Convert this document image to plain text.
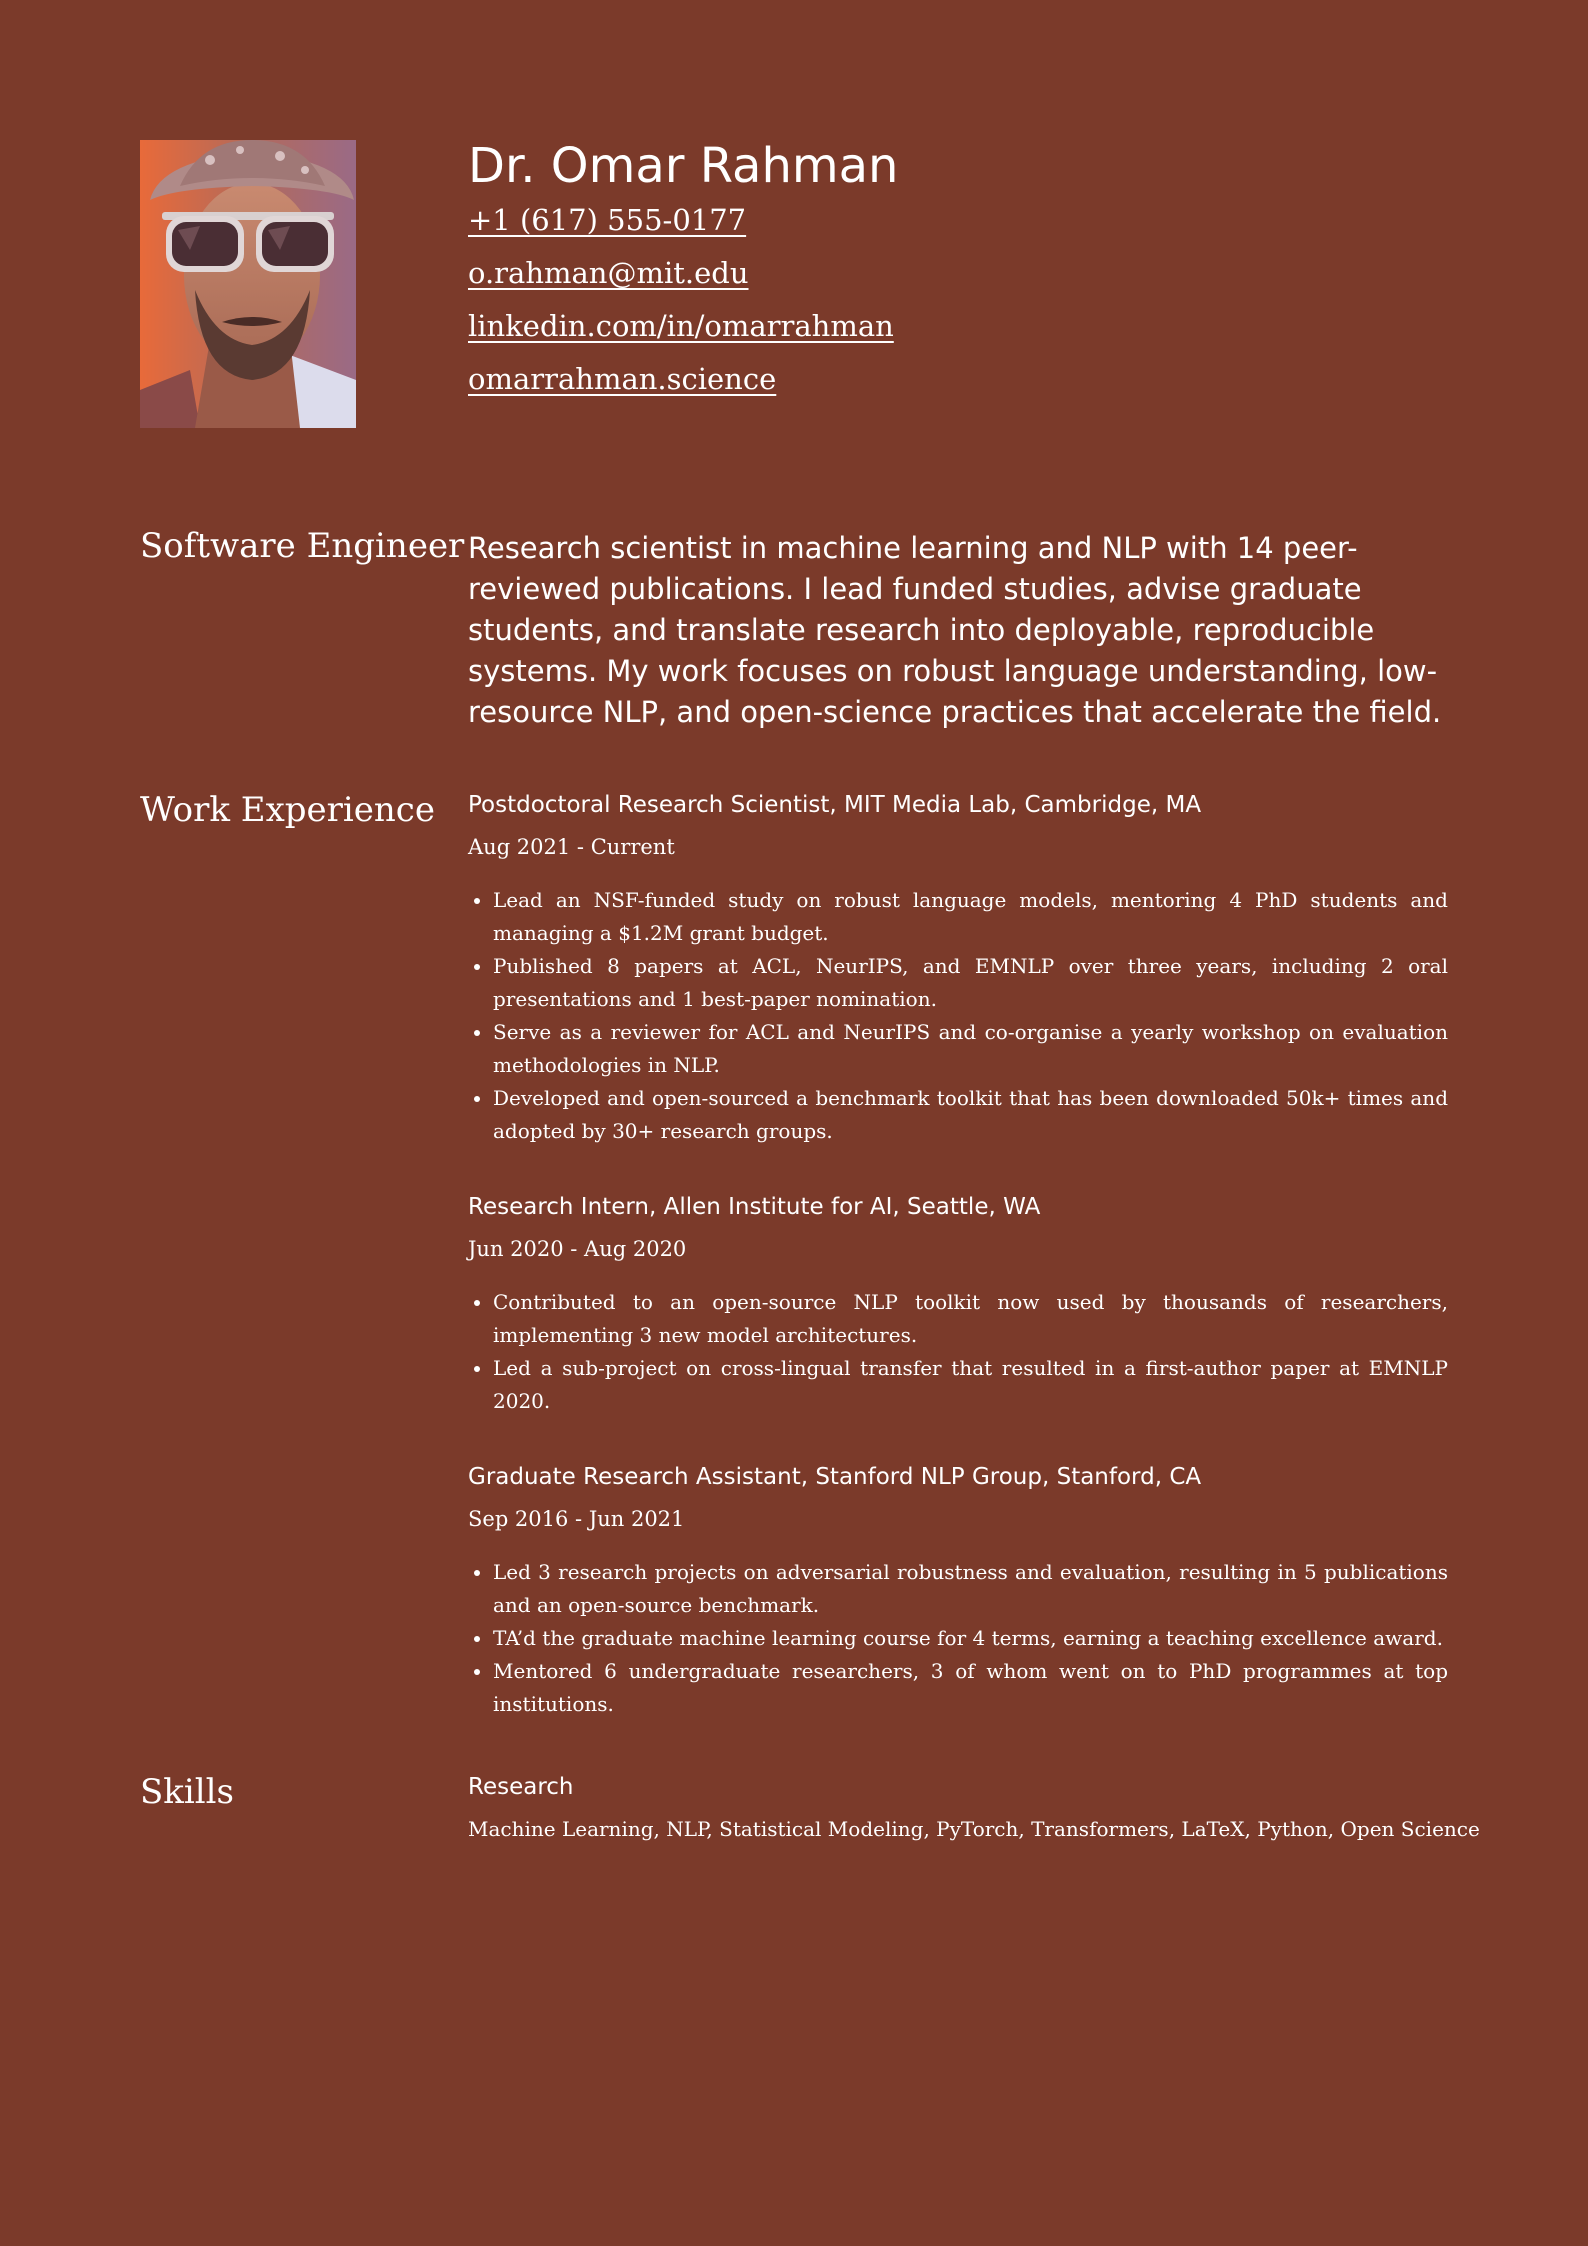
Dr. Omar Rahman
+1 (617) 555-0177
o.rahman@mit.edu
linkedin.com/in/omarrahman
omarrahman.science
Software Engineer Research scientist in machine learning and NLP with 14 peer-reviewed publications. I lead funded studies, advise graduate students, and translate research into deployable, reproducible systems. My work focuses on robust language understanding, low-resource NLP, and open-science practices that accelerate the field.

Work Experience Postdoctoral Research Scientist, MIT Media Lab, Cambridge, MA

Aug 2021 - Current

• Lead an NSF-funded study on robust language models, mentoring 4 PhD students and managing a $1.2M grant budget.
• Published 8 papers at ACL, NeurIPS, and EMNLP over three years, including 2 oral presentations and 1 best-paper nomination.
• Serve as a reviewer for ACL and NeurIPS and co-organise a yearly workshop on evaluation methodologies in NLP.
• Developed and open-sourced a benchmark toolkit that has been downloaded 50k+ times and adopted by 30+ research groups.
Research Intern, Allen Institute for AI, Seattle, WA

Jun 2020 - Aug 2020

• Contributed to an open-source NLP toolkit now used by thousands of researchers, implementing 3 new model architectures.
• Led a sub-project on cross-lingual transfer that resulted in a first-author paper at EMNLP 2020.
Graduate Research Assistant, Stanford NLP Group, Stanford, CA

Sep 2016 - Jun 2021

• Led 3 research projects on adversarial robustness and evaluation, resulting in 5 publications and an open-source benchmark.
• TA’d the graduate machine learning course for 4 terms, earning a teaching excellence award.
• Mentored 6 undergraduate researchers, 3 of whom went on to PhD programmes at top institutions.
Skills	Research

Machine Learning, NLP, Statistical Modeling, PyTorch, Transformers, LaTeX, Python, Open Science
